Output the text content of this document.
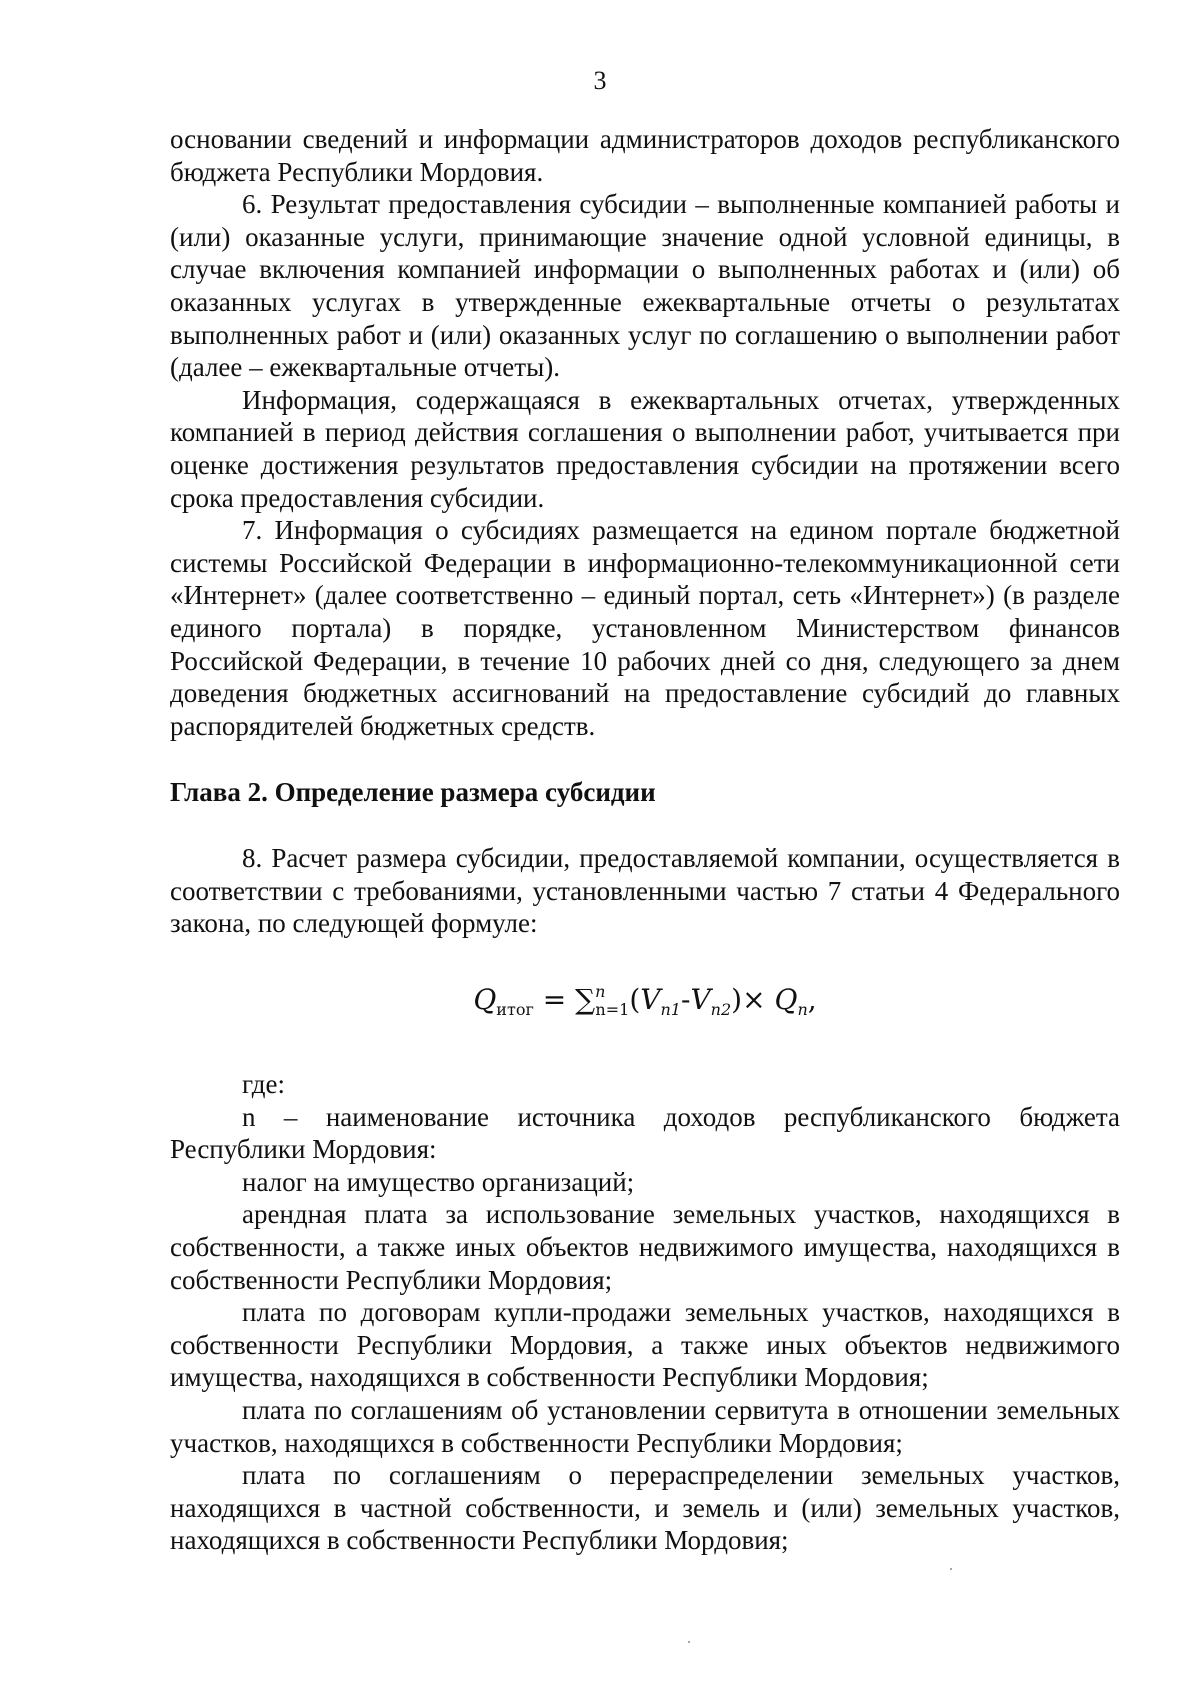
3

основании сведений и информации администраторов доходов республиканского бюджета Республики Мордовия.

6. Результат предоставления субсидии – выполненные компанией работы и (или) оказанные услуги, принимающие значение одной условной единицы, в случае включения компанией информации о выполненных работах и (или) об оказанных услугах в утвержденные ежеквартальные отчеты о результатах выполненных работ и (или) оказанных услуг по соглашению о выполнении работ (далее – ежеквартальные отчеты).

Информация, содержащаяся в ежеквартальных отчетах, утвержденных компанией в период действия соглашения о выполнении работ, учитывается при оценке достижения результатов предоставления субсидии на протяжении всего срока предоставления субсидии.

7. Информация о субсидиях размещается на едином портале бюджетной системы Российской Федерации в информационно-телекоммуникационной сети «Интернет» (далее соответственно – единый портал, сеть «Интернет») (в разделе единого портала) в порядке, установленном Министерством финансов Российской Федерации, в течение 10 рабочих дней со дня, следующего за днем доведения бюджетных ассигнований на предоставление субсидий до главных распорядителей бюджетных средств.

Глава 2. Определение размера субсидии

8. Расчет размера субсидии, предоставляемой компании, осуществляется в соответствии с требованиями, установленными частью 7 статьи 4 Федерального закона, по следующей формуле:

$Q_{итог} = \sum^n_{n=1}(V_{n1}-V_{n2})\times Q_n$,

где:

n – наименование источника доходов республиканского бюджета Республики Мордовия:

налог на имущество организаций;

арендная плата за использование земельных участков, находящихся в собственности, а также иных объектов недвижимого имущества, находящихся в собственности Республики Мордовия;

плата по договорам купли-продажи земельных участков, находящихся в собственности Республики Мордовия, а также иных объектов недвижимого имущества, находящихся в собственности Республики Мордовия;

плата по соглашениям об установлении сервитута в отношении земельных участков, находящихся в собственности Республики Мордовия;

плата по соглашениям о перераспределении земельных участков, находящихся в частной собственности, и земель и (или) земельных участков, находящихся в собственности Республики Мордовия;
